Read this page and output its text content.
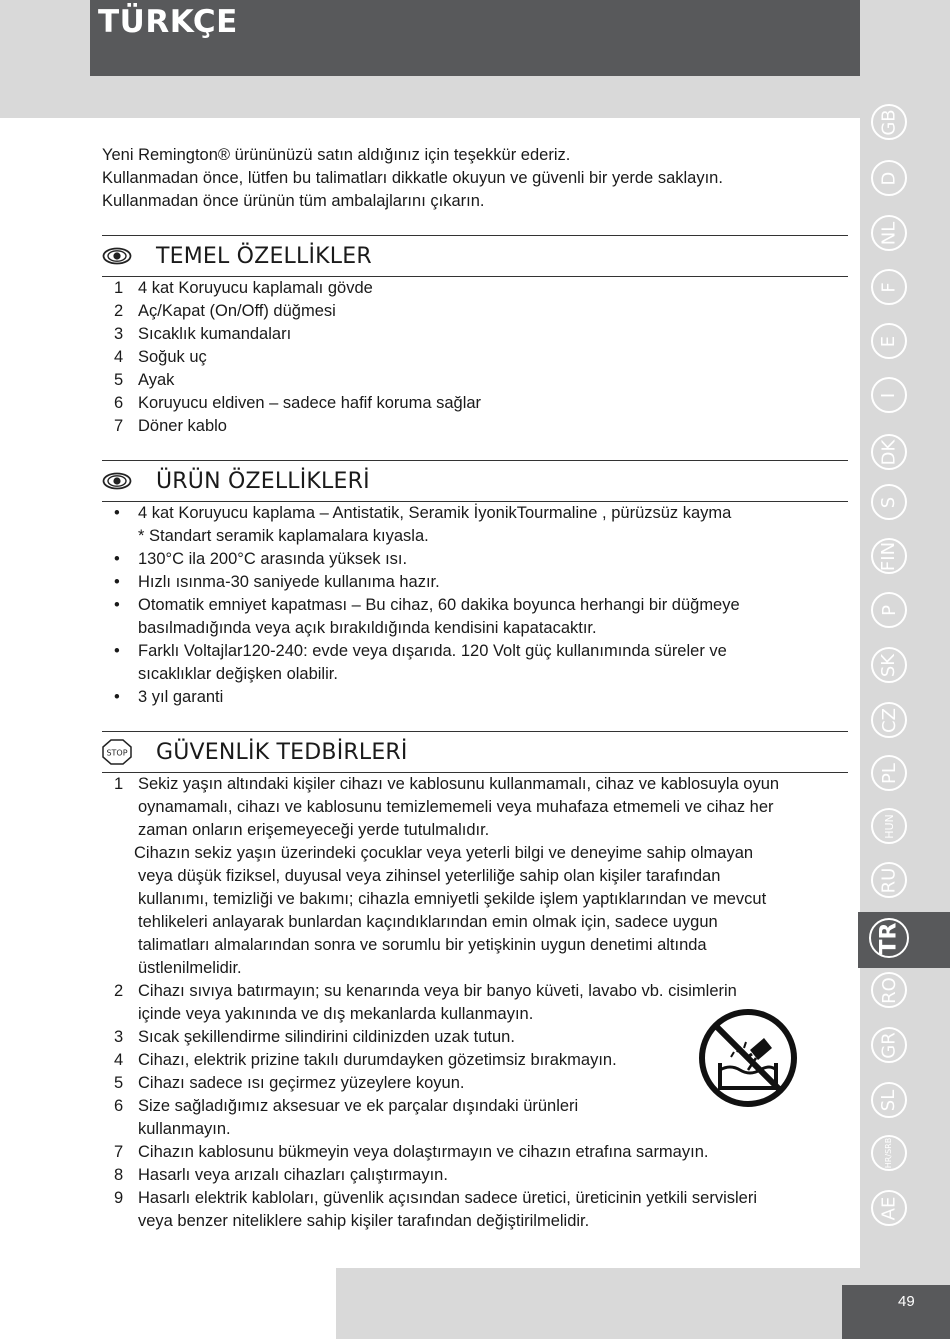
TÜRKÇE
GB
D
NL
F
E
I
DK
S
FIN
P
SK
CZ
PL
HUN
RU
TR
RO
GR
SL
HR/SRB
AE

Yeni Remington® ürününüzü satın aldığınız için teşekkür ederiz.

Kullanmadan önce, lütfen bu talimatları dikkatle okuyun ve güvenli bir yerde saklayın.

Kullanmadan önce ürünün tüm ambalajlarını çıkarın.

TEMEL ÖZELLİKLER
1 4 kat Koruyucu kaplamalı gövde
2 Aç/Kapat (On/Off) düğmesi
3 Sıcaklık kumandaları
4 Soğuk uç
5 Ayak
6 Koruyucu eldiven – sadece hafif koruma sağlar
7 Döner kablo
ÜRÜN ÖZELLİKLERİ
• 4 kat Koruyucu kaplama – Antistatik, Seramik İyonikTourmaline , pürüzsüz kayma
* Standart seramik kaplamalara kıyasla.
• 130°C ila 200°C arasında yüksek ısı.
• Hızlı ısınma-30 saniyede kullanıma hazır.
• Otomatik emniyet kapatması – Bu cihaz, 60 dakika boyunca herhangi bir düğmeye
basılmadığında veya açık bırakıldığında kendisini kapatacaktır.
• Farklı Voltajlar120-240: evde veya dışarıda. 120 Volt güç kullanımında süreler ve
sıcaklıklar değişken olabilir.
• 3 yıl garanti
STOP GÜVENLİK TEDBİRLERİ
1 Sekiz yaşın altındaki kişiler cihazı ve kablosunu kullanmamalı, cihaz ve kablosuyla oyun
oynamamalı, cihazı ve kablosunu temizlememeli veya muhafaza etmemeli ve cihaz her
zaman onların erişemeyeceği yerde tutulmalıdır.
Cihazın sekiz yaşın üzerindeki çocuklar veya yeterli bilgi ve deneyime sahip olmayan
veya düşük fiziksel, duyusal veya zihinsel yeterliliğe sahip olan kişiler tarafından
kullanımı, temizliği ve bakımı; cihazla emniyetli şekilde işlem yaptıklarından ve mevcut
tehlikeleri anlayarak bunlardan kaçındıklarından emin olmak için, sadece uygun
talimatları almalarından sonra ve sorumlu bir yetişkinin uygun denetimi altında
üstlenilmelidir.
2 Cihazı sıvıya batırmayın; su kenarında veya bir banyo küveti, lavabo vb. cisimlerin
içinde veya yakınında ve dış mekanlarda kullanmayın.
3 Sıcak şekillendirme silindirini cildinizden uzak tutun.
4 Cihazı, elektrik prizine takılı durumdayken gözetimsiz bırakmayın.
5 Cihazı sadece ısı geçirmez yüzeylere koyun.
6 Size sağladığımız aksesuar ve ek parçalar dışındaki ürünleri
kullanmayın.
7 Cihazın kablosunu bükmeyin veya dolaştırmayın ve cihazın etrafına sarmayın.
8 Hasarlı veya arızalı cihazları çalıştırmayın.
9 Hasarlı elektrik kabloları, güvenlik açısından sadece üretici, üreticinin yetkili servisleri
veya benzer niteliklere sahip kişiler tarafından değiştirilmelidir.
49
